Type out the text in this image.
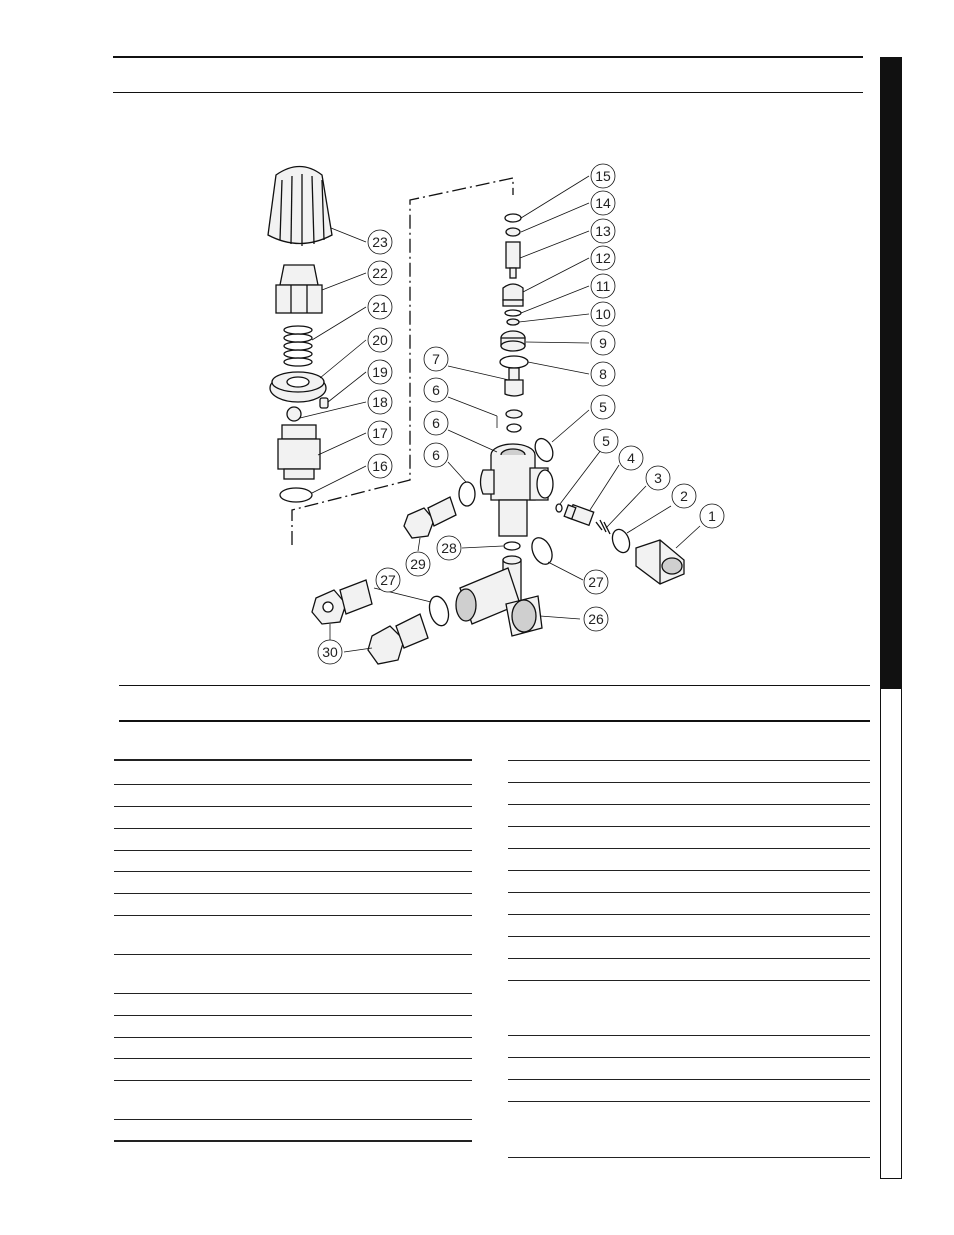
23
22
21
20
19
18
17
16
15
14
13
12
11
10
9
8
7
6
6
5
6
5
4
3
2
1
28
27
26
29
27
30
